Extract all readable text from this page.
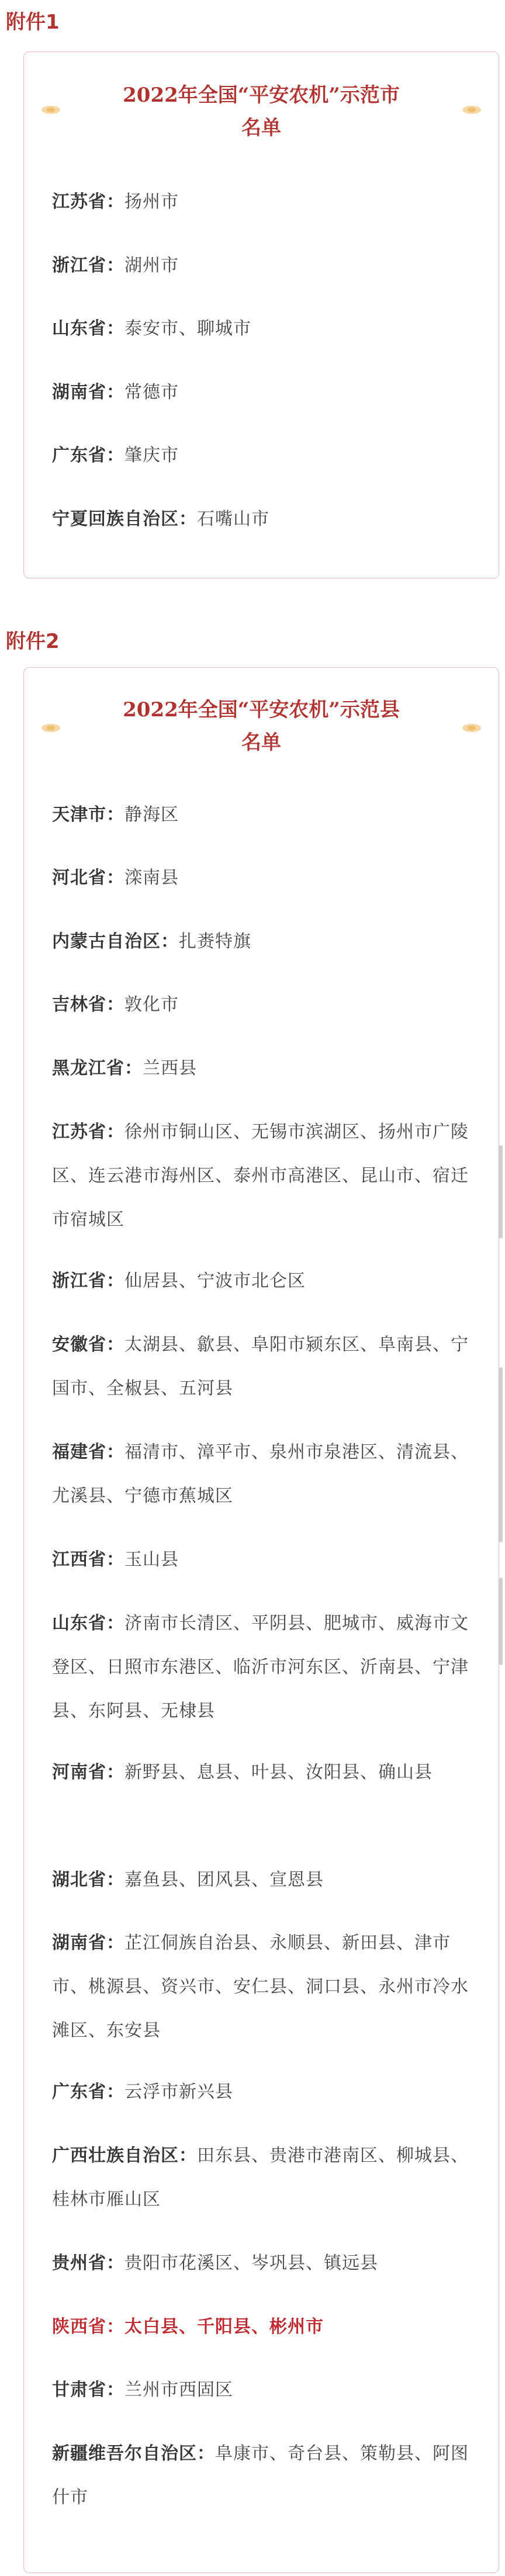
附件1
2022年全国“平安农机”示范市
名单
江苏省：扬州市
浙江省：湖州市
山东省：泰安市、聊城市
湖南省：常德市
广东省：肇庆市
宁夏回族自治区：石嘴山市
附件2
2022年全国“平安农机”示范县
名单
天津市：静海区
河北省：滦南县
内蒙古自治区：扎赉特旗
吉林省：敦化市
黑龙江省：兰西县
江苏省：徐州市铜山区、无锡市滨湖区、扬州市广陵区、连云港市海州区、泰州市高港区、昆山市、宿迁市宿城区
浙江省：仙居县、宁波市北仑区
安徽省：太湖县、歙县、阜阳市颍东区、阜南县、宁国市、全椒县、五河县
福建省：福清市、漳平市、泉州市泉港区、清流县、尤溪县、宁德市蕉城区
江西省：玉山县
山东省：济南市长清区、平阴县、肥城市、威海市文登区、日照市东港区、临沂市河东区、沂南县、宁津县、东阿县、无棣县
河南省：新野县、息县、叶县、汝阳县、确山县
湖北省：嘉鱼县、团风县、宣恩县
湖南省：芷江侗族自治县、永顺县、新田县、津市市、桃源县、资兴市、安仁县、洞口县、永州市冷水滩区、东安县
广东省：云浮市新兴县
广西壮族自治区：田东县、贵港市港南区、柳城县、桂林市雁山区
贵州省：贵阳市花溪区、岑巩县、镇远县
陕西省：太白县、千阳县、彬州市
甘肃省：兰州市西固区
新疆维吾尔自治区：阜康市、奇台县、策勒县、阿图什市
